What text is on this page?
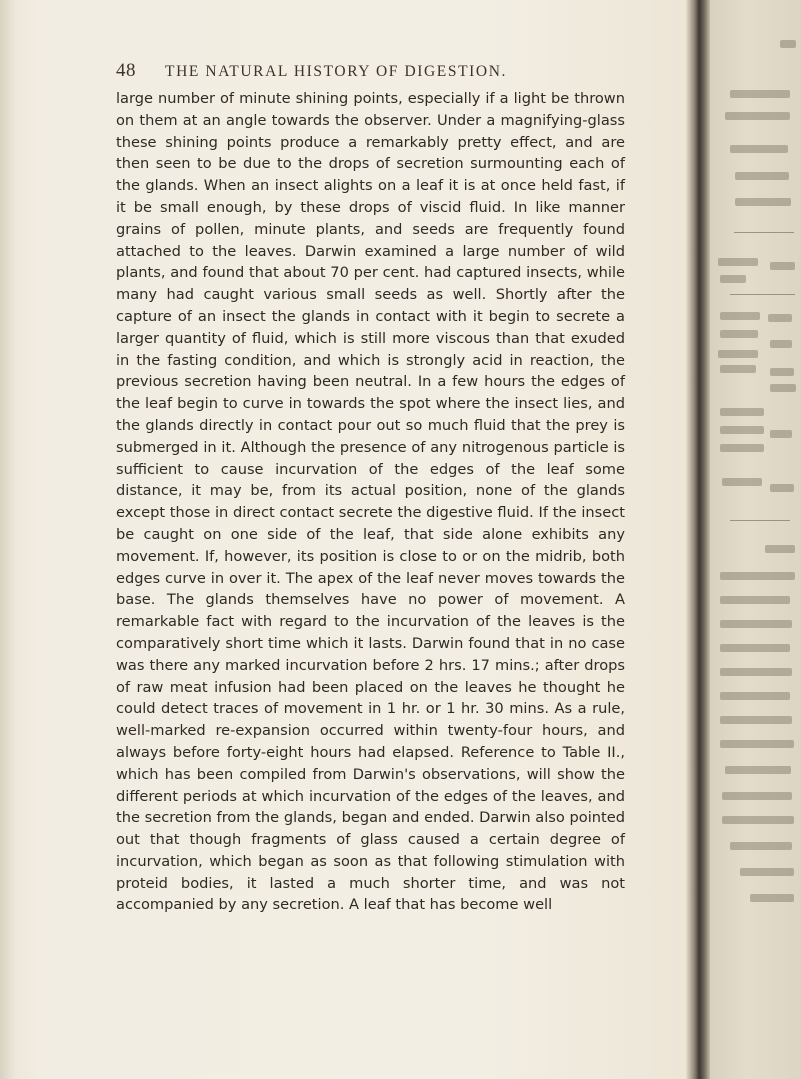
48 THE NATURAL HISTORY OF DIGESTION.

large number of minute shining points, especially if a light be thrown on them at an angle towards the observer. Under a magnifying-glass these shining points produce a remarkably pretty effect, and are then seen to be due to the drops of secretion surmounting each of the glands. When an insect alights on a leaf it is at once held fast, if it be small enough, by these drops of viscid fluid. In like manner grains of pollen, minute plants, and seeds are frequently found attached to the leaves. Darwin examined a large number of wild plants, and found that about 70 per cent. had captured insects, while many had caught various small seeds as well. Shortly after the capture of an insect the glands in contact with it begin to secrete a larger quantity of fluid, which is still more viscous than that exuded in the fasting condition, and which is strongly acid in reaction, the previous secretion having been neutral. In a few hours the edges of the leaf begin to curve in towards the spot where the insect lies, and the glands directly in contact pour out so much fluid that the prey is submerged in it. Although the presence of any nitrogenous particle is sufficient to cause incurvation of the edges of the leaf some distance, it may be, from its actual position, none of the glands except those in direct contact secrete the digestive fluid. If the insect be caught on one side of the leaf, that side alone exhibits any movement. If, however, its position is close to or on the midrib, both edges curve in over it. The apex of the leaf never moves towards the base. The glands themselves have no power of movement. A remarkable fact with regard to the incurvation of the leaves is the comparatively short time which it lasts. Darwin found that in no case was there any marked incurvation before 2 hrs. 17 mins.; after drops of raw meat infusion had been placed on the leaves he thought he could detect traces of movement in 1 hr. or 1 hr. 30 mins. As a rule, well-marked re-expansion occurred within twenty-four hours, and always before forty-eight hours had elapsed. Reference to Table II., which has been compiled from Darwin's observations, will show the different periods at which incurvation of the edges of the leaves, and the secretion from the glands, began and ended. Darwin also pointed out that though fragments of glass caused a certain degree of incurvation, which began as soon as that following stimulation with proteid bodies, it lasted a much shorter time, and was not accompanied by any secretion. A leaf that has become well
